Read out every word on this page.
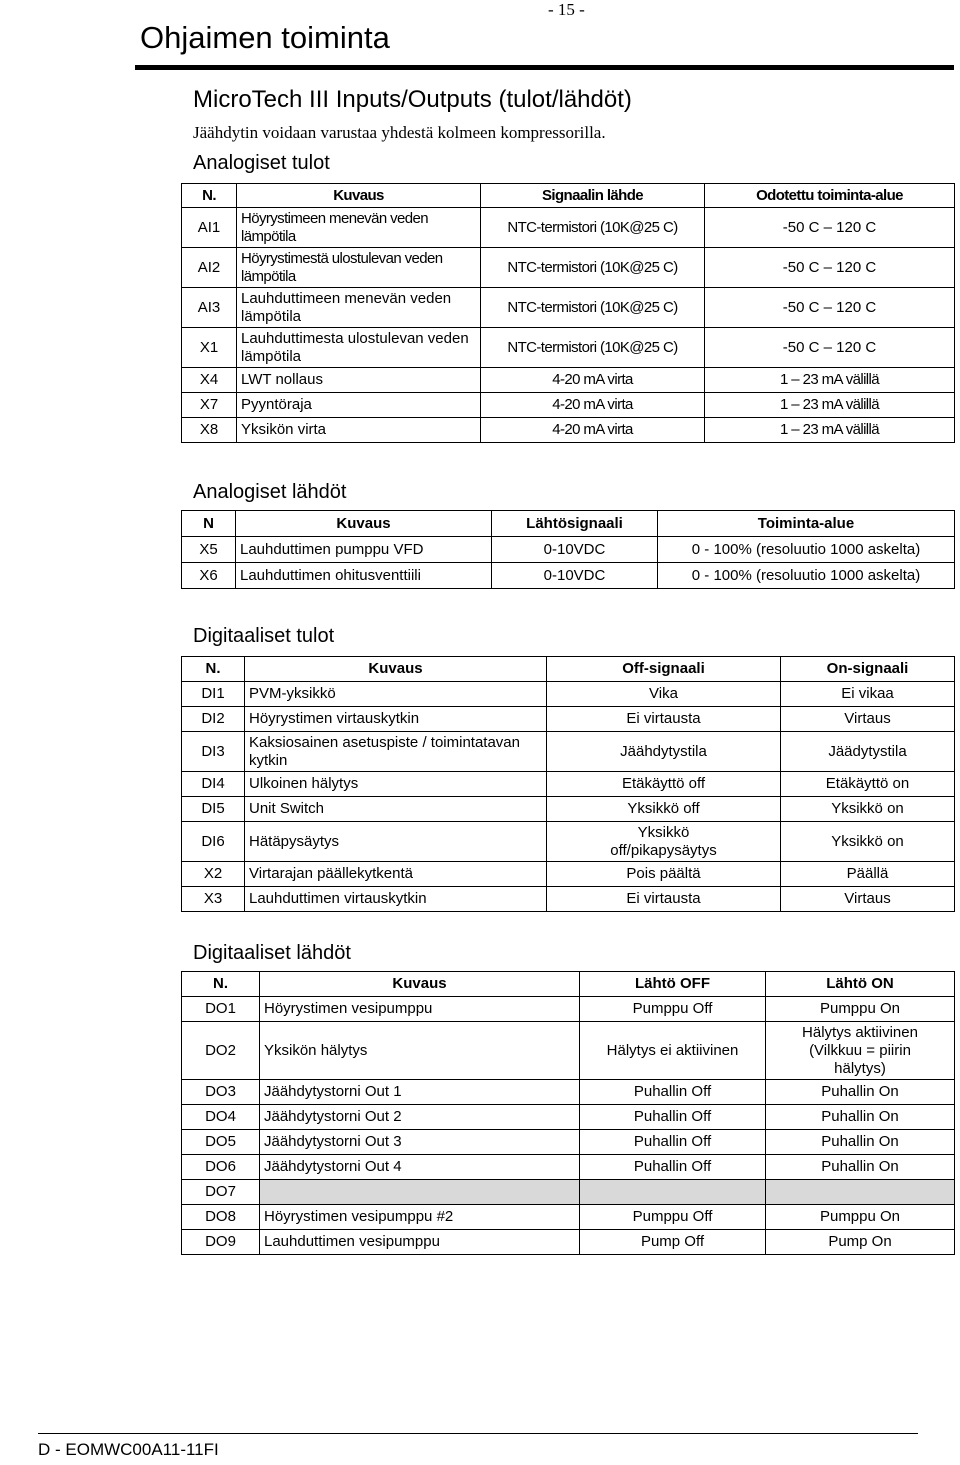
Ohjaimen toiminta
- 15 -
MicroTech III Inputs/Outputs (tulot/lähdöt)
Jäähdytin voidaan varustaa yhdestä kolmeen kompressorilla.
Analogiset tulot
N.	Kuvaus	Signaalin lähde	Odotettu toiminta-alue
AI1	Höyrystimeen menevän veden lämpötila	NTC-termistori (10K@25 C)	-50 C – 120 C
AI2	Höyrystimestä ulostulevan veden lämpötila	NTC-termistori (10K@25 C)	-50 C – 120 C
AI3	Lauhduttimeen menevän veden lämpötila	NTC-termistori (10K@25 C)	-50 C – 120 C
X1	Lauhduttimesta ulostulevan veden lämpötila	NTC-termistori (10K@25 C)	-50 C – 120 C
X4	LWT nollaus	4-20 mA virta	1 – 23 mA välillä
X7	Pyyntöraja	4-20 mA virta	1 – 23 mA välillä
X8	Yksikön virta	4-20 mA virta	1 – 23 mA välillä
Analogiset lähdöt
N	Kuvaus	Lähtösignaali	Toiminta-alue
X5	Lauhduttimen pumppu VFD	0-10VDC	0 - 100% (resoluutio 1000 askelta)
X6	Lauhduttimen ohitusventtiili	0-10VDC	0 - 100% (resoluutio 1000 askelta)
Digitaaliset tulot
N.	Kuvaus	Off-signaali	On-signaali
DI1	PVM-yksikkö	Vika	Ei vikaa
DI2	Höyrystimen virtauskytkin	Ei virtausta	Virtaus
DI3	Kaksiosainen asetuspiste / toimintatavan kytkin	Jäähdytystila	Jäädytystila
DI4	Ulkoinen hälytys	Etäkäyttö off	Etäkäyttö on
DI5	Unit Switch	Yksikkö off	Yksikkö on
DI6	Hätäpysäytys	Yksikkö off/pikapysäytys	Yksikkö on
X2	Virtarajan päällekytkentä	Pois päältä	Päällä
X3	Lauhduttimen virtauskytkin	Ei virtausta	Virtaus
Digitaaliset lähdöt
N.	Kuvaus	Lähtö OFF	Lähtö ON
DO1	Höyrystimen vesipumppu	Pumppu Off	Pumppu On
DO2	Yksikön hälytys	Hälytys ei aktiivinen	Hälytys aktiivinen (Vilkkuu = piirin hälytys)
DO3	Jäähdytystorni Out 1	Puhallin Off	Puhallin On
DO4	Jäähdytystorni Out 2	Puhallin Off	Puhallin On
DO5	Jäähdytystorni Out 3	Puhallin Off	Puhallin On
DO6	Jäähdytystorni Out 4	Puhallin Off	Puhallin On
DO7			
DO8	Höyrystimen vesipumppu #2	Pumppu Off	Pumppu On
DO9	Lauhduttimen vesipumppu	Pump Off	Pump On
D - EOMWC00A11-11FI
